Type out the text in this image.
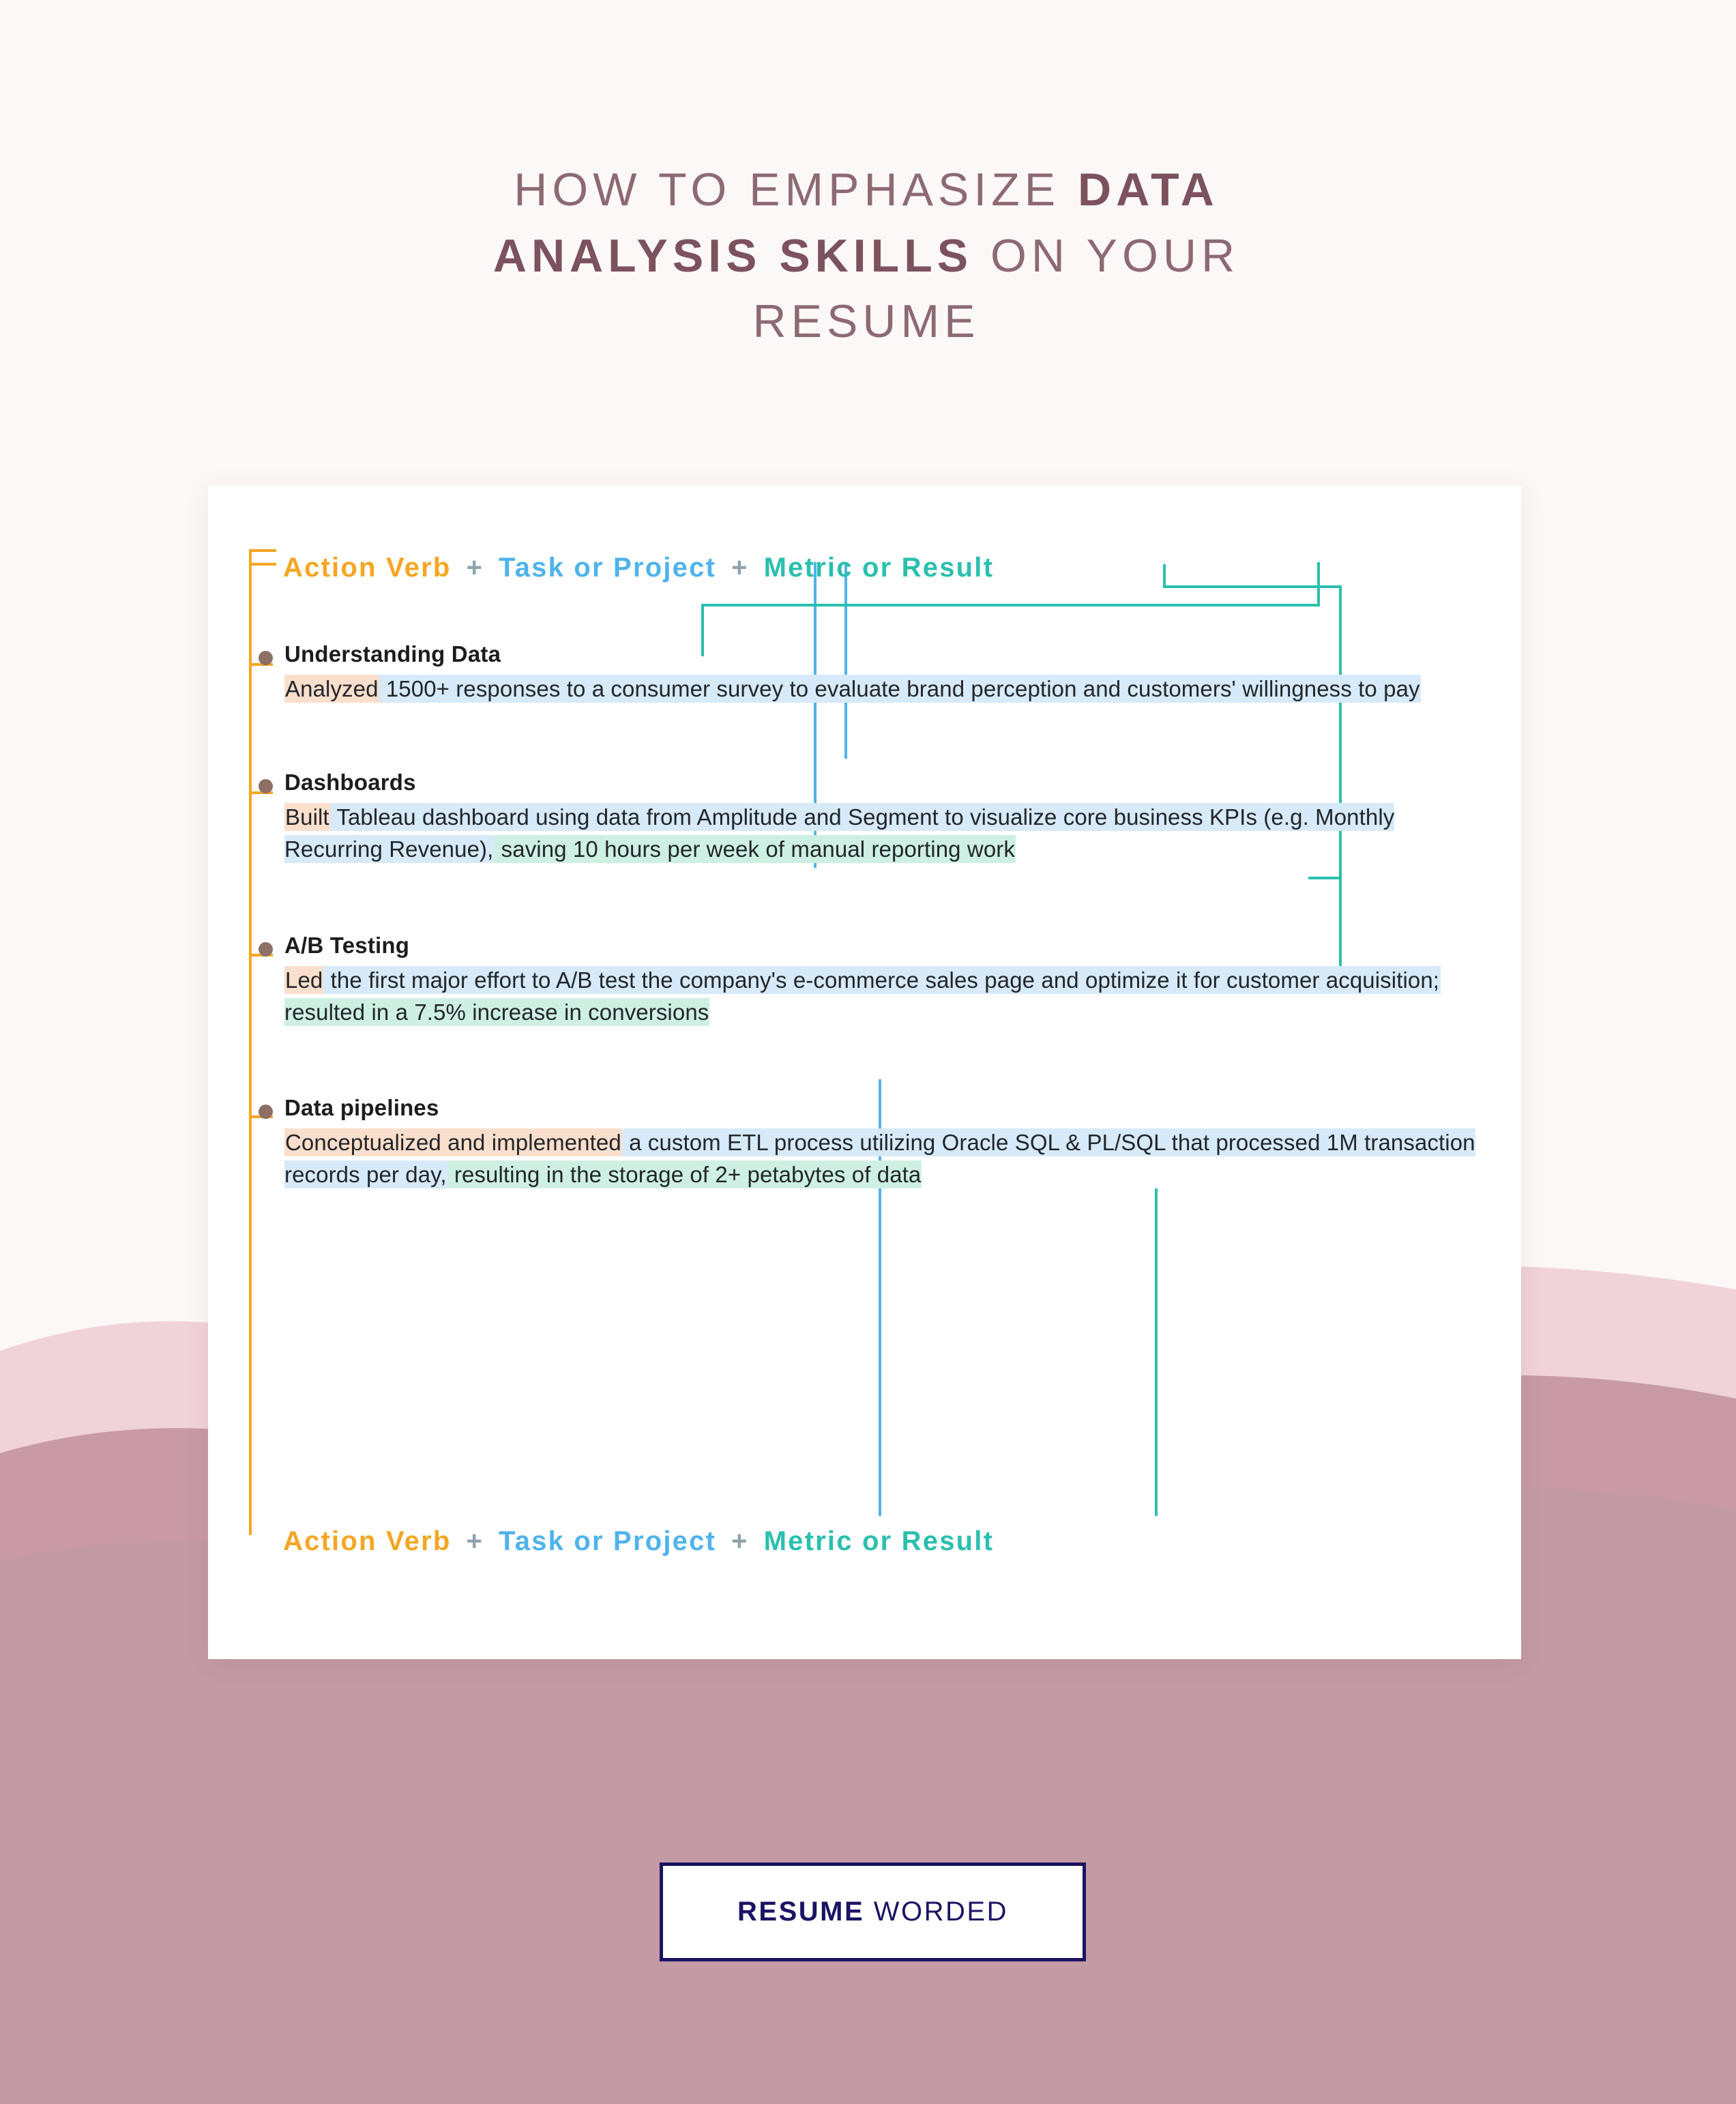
HOW TO EMPHASIZE DATA
ANALYSIS SKILLS ON YOUR
RESUME
Action Verb + Task or Project + Metric or Result
Understanding Data
Analyzed 1500+ responses to a consumer survey to evaluate brand perception and customers' willingness to pay
Dashboards
Built Tableau dashboard using data from Amplitude and Segment to visualize core business KPIs (e.g. Monthly Recurring Revenue), saving 10 hours per week of manual reporting work
A/B Testing
Led the first major effort to A/B test the company's e-commerce sales page and optimize it for customer acquisition; resulted in a 7.5% increase in conversions
Data pipelines
Conceptualized and implemented a custom ETL process utilizing Oracle SQL & PL/SQL that processed 1M transaction records per day, resulting in the storage of 2+ petabytes of data
Action Verb + Task or Project + Metric or Result
RESUME WORDED
